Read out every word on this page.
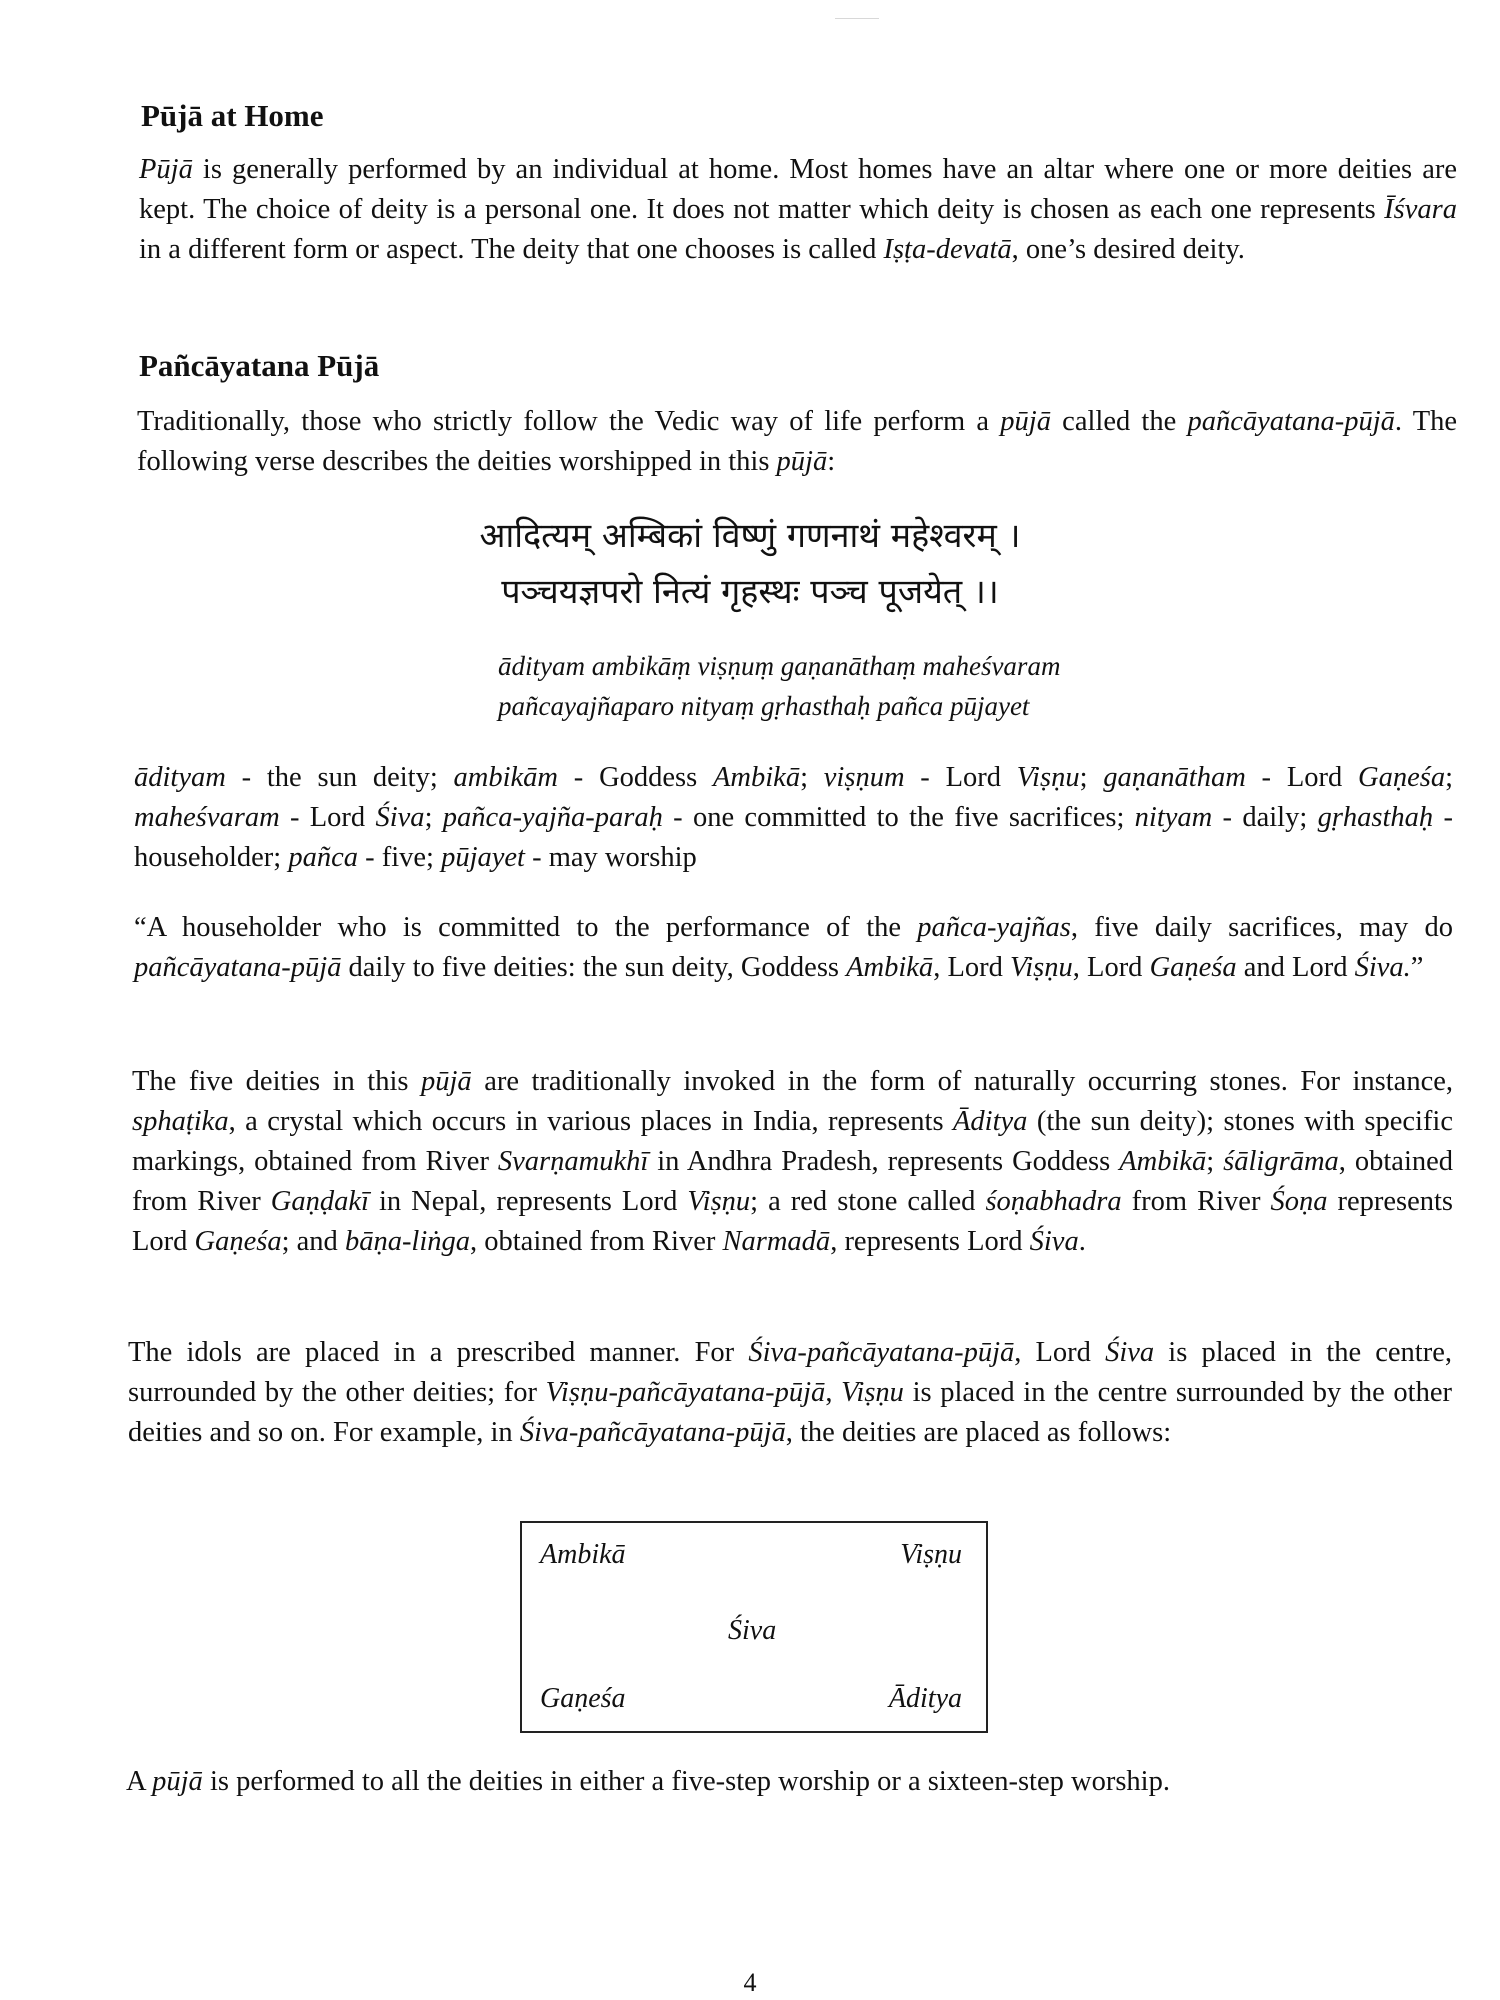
Pūjā at Home

Pūjā is generally performed by an individual at home. Most homes have an altar where one or more deities are kept. The choice of deity is a personal one. It does not matter which deity is chosen as each one represents Īśvara in a different form or aspect. The deity that one chooses is called Iṣṭa-devatā, one’s desired deity.

Pañcāyatana Pūjā

Traditionally, those who strictly follow the Vedic way of life perform a pūjā called the pañcāyatana-pūjā. The following verse describes the deities worshipped in this pūjā:

आदित्यम् अम्बिकां विष्णुं गणनाथं महेश्वरम् ।
पञ्चयज्ञपरो नित्यं गृहस्थः पञ्च पूजयेत् ।।

ādityam ambikāṃ viṣṇuṃ gaṇanāthaṃ maheśvaram
pañcayajñaparo nityaṃ gṛhasthaḥ pañca pūjayet

ādityam - the sun deity; ambikām - Goddess Ambikā; viṣṇum - Lord Viṣṇu; gaṇanātham - Lord Gaṇeśa; maheśvaram - Lord Śiva; pañca-yajña-paraḥ - one committed to the five sacrifices; nityam - daily; gṛhasthaḥ - householder; pañca - five; pūjayet - may worship

“A householder who is committed to the performance of the pañca-yajñas, five daily sacrifices, may do pañcāyatana-pūjā daily to five deities: the sun deity, Goddess Ambikā, Lord Viṣṇu, Lord Gaṇeśa and Lord Śiva.”

The five deities in this pūjā are traditionally invoked in the form of naturally occurring stones. For instance, sphaṭika, a crystal which occurs in various places in India, represents Āditya (the sun deity); stones with specific markings, obtained from River Svarṇamukhī in Andhra Pradesh, represents Goddess Ambikā; śāligrāma, obtained from River Gaṇḍakī in Nepal, represents Lord Viṣṇu; a red stone called śoṇabhadra from River Śoṇa represents Lord Gaṇeśa; and bāṇa-liṅga, obtained from River Narmadā, represents Lord Śiva.

The idols are placed in a prescribed manner. For Śiva-pañcāyatana-pūjā, Lord Śiva is placed in the centre, surrounded by the other deities; for Viṣṇu-pañcāyatana-pūjā, Viṣṇu is placed in the centre surrounded by the other deities and so on. For example, in Śiva-pañcāyatana-pūjā, the deities are placed as follows:

Ambikā	Viṣṇu
Śiva
Gaṇeśa	Āditya

A pūjā is performed to all the deities in either a five-step worship or a sixteen-step worship.

4
